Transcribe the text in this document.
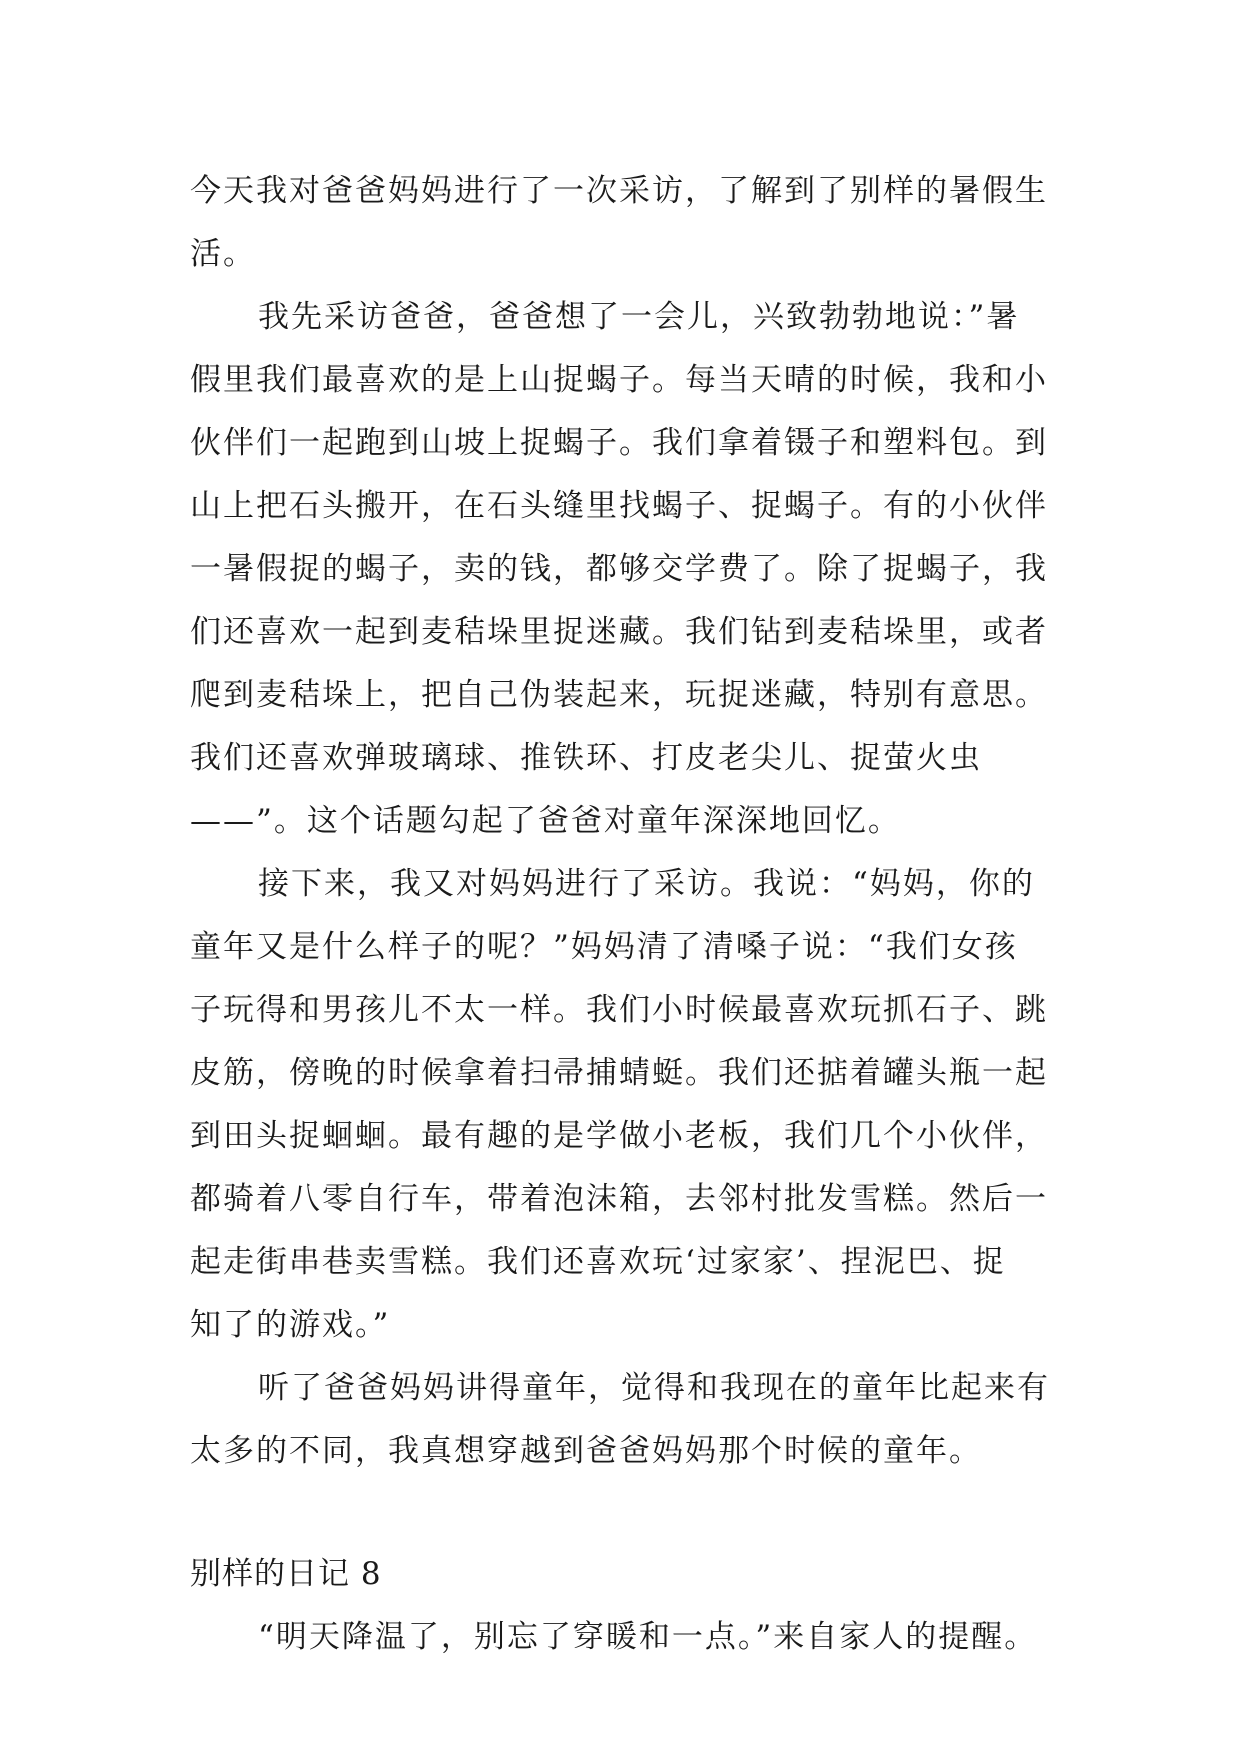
今天我对爸爸妈妈进行了一次采访，了解到了别样的暑假生
活。
我先采访爸爸，爸爸想了一会儿，兴致勃勃地说：”暑
假里我们最喜欢的是上山捉蝎子。每当天晴的时候，我和小
伙伴们一起跑到山坡上捉蝎子。我们拿着镊子和塑料包。到
山上把石头搬开，在石头缝里找蝎子、捉蝎子。有的小伙伴
一暑假捉的蝎子，卖的钱，都够交学费了。除了捉蝎子，我
们还喜欢一起到麦秸垛里捉迷藏。我们钻到麦秸垛里，或者
爬到麦秸垛上，把自己伪装起来，玩捉迷藏，特别有意思。
我们还喜欢弹玻璃球、推铁环、打皮老尖儿、捉萤火虫
——”。这个话题勾起了爸爸对童年深深地回忆。
接下来，我又对妈妈进行了采访。我说：“妈妈，你的
童年又是什么样子的呢？”妈妈清了清嗓子说：“我们女孩
子玩得和男孩儿不太一样。我们小时候最喜欢玩抓石子、跳
皮筋，傍晚的时候拿着扫帚捕蜻蜓。我们还掂着罐头瓶一起
到田头捉蛔蛔。最有趣的是学做小老板，我们几个小伙伴，
都骑着八零自行车，带着泡沫箱，去邻村批发雪糕。然后一
起走街串巷卖雪糕。我们还喜欢玩‘过家家’、捏泥巴、捉
知了的游戏。”
听了爸爸妈妈讲得童年，觉得和我现在的童年比起来有
太多的不同，我真想穿越到爸爸妈妈那个时候的童年。
别样的日记 8
“明天降温了，别忘了穿暖和一点。”来自家人的提醒。
